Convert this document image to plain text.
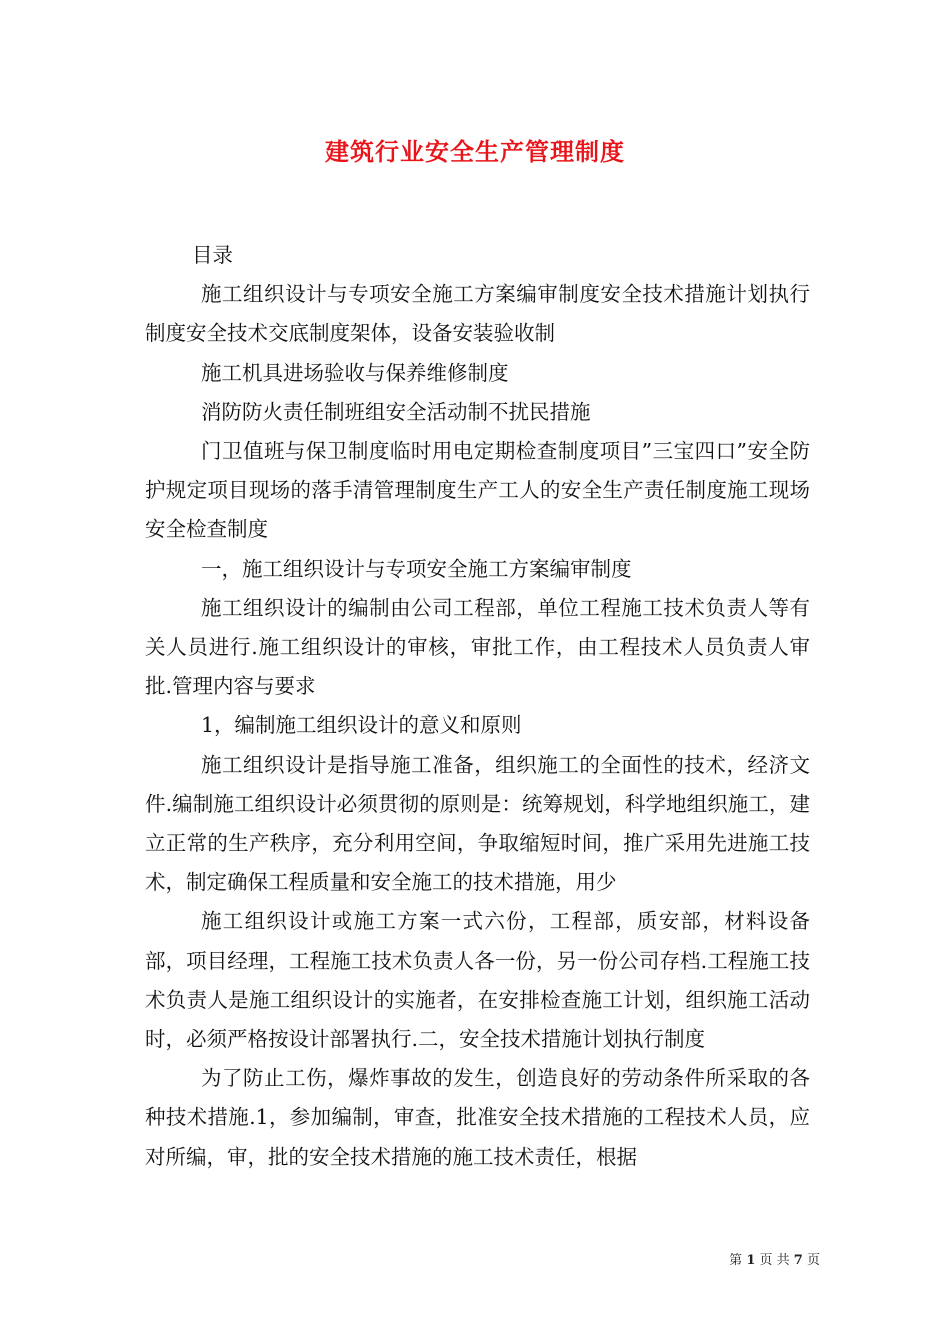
建筑行业安全生产管理制度

目录

施工组织设计与专项安全施工方案编审制度安全技术措施计划执行制度安全技术交底制度架体，设备安装验收制

施工机具进场验收与保养维修制度

消防防火责任制班组安全活动制不扰民措施

门卫值班与保卫制度临时用电定期检查制度项目”三宝四口”安全防护规定项目现场的落手清管理制度生产工人的安全生产责任制度施工现场安全检查制度

一，施工组织设计与专项安全施工方案编审制度

施工组织设计的编制由公司工程部，单位工程施工技术负责人等有关人员进行.施工组织设计的审核，审批工作，由工程技术人员负责人审批.管理内容与要求

1，编制施工组织设计的意义和原则

施工组织设计是指导施工准备，组织施工的全面性的技术，经济文件.编制施工组织设计必须贯彻的原则是：统筹规划，科学地组织施工，建立正常的生产秩序，充分利用空间，争取缩短时间，推广采用先进施工技术，制定确保工程质量和安全施工的技术措施，用少

施工组织设计或施工方案一式六份，工程部，质安部，材料设备部，项目经理，工程施工技术负责人各一份，另一份公司存档.工程施工技术负责人是施工组织设计的实施者，在安排检查施工计划，组织施工活动时，必须严格按设计部署执行.二，安全技术措施计划执行制度

为了防止工伤，爆炸事故的发生，创造良好的劳动条件所采取的各种技术措施.1，参加编制，审查，批准安全技术措施的工程技术人员，应对所编，审，批的安全技术措施的施工技术责任，根据

第 1 页 共 7 页
